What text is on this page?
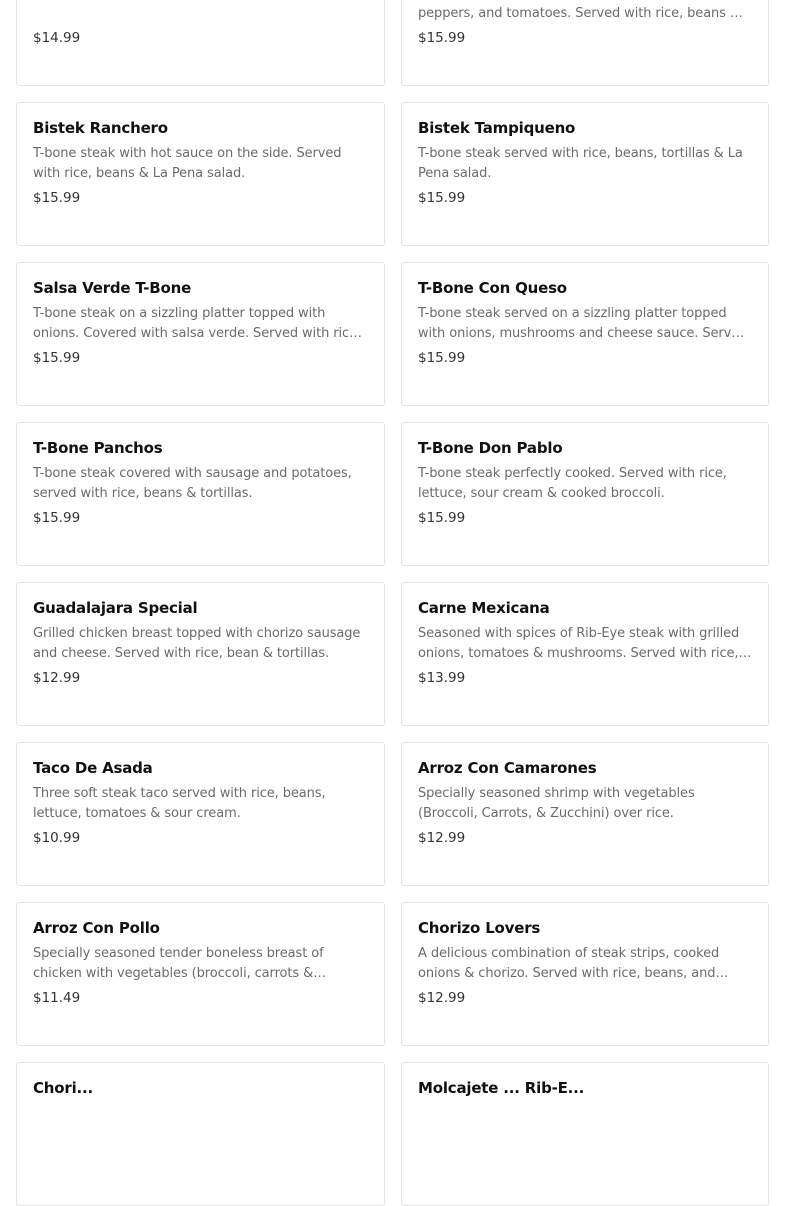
$14.99
peppers, and tomatoes. Served with rice, beans &
$15.99
Bistek Ranchero
T-bone steak with hot sauce on the side. Served with rice, beans & La Pena salad.
$15.99
Bistek Tampiqueno
T-bone steak served with rice, beans, tortillas & La Pena salad.
$15.99
Salsa Verde T-Bone
T-bone steak on a sizzling platter topped with onions. Covered with salsa verde. Served with rice,
$15.99
T-Bone Con Queso
T-bone steak served on a sizzling platter topped with onions, mushrooms and cheese sauce. Served
$15.99
T-Bone Panchos
T-bone steak covered with sausage and potatoes, served with rice, beans & tortillas.
$15.99
T-Bone Don Pablo
T-bone steak perfectly cooked. Served with rice, lettuce, sour cream & cooked broccoli.
$15.99
Guadalajara Special
Grilled chicken breast topped with chorizo sausage and cheese. Served with rice, bean & tortillas.
$12.99
Carne Mexicana
Seasoned with spices of Rib-Eye steak with grilled onions, tomatoes & mushrooms. Served with rice,
$13.99
Taco De Asada
Three soft steak taco served with rice, beans, lettuce, tomatoes & sour cream.
$10.99
Arroz Con Camarones
Specially seasoned shrimp with vegetables (Broccoli, Carrots, & Zucchini) over rice.
$12.99
Arroz Con Pollo
Specially seasoned tender boneless breast of chicken with vegetables (broccoli, carrots &
$11.49
Chorizo Lovers
A delicious combination of steak strips, cooked onions & chorizo. Served with rice, beans, and
$12.99
Chori...	Molcajete ... Rib-E...
